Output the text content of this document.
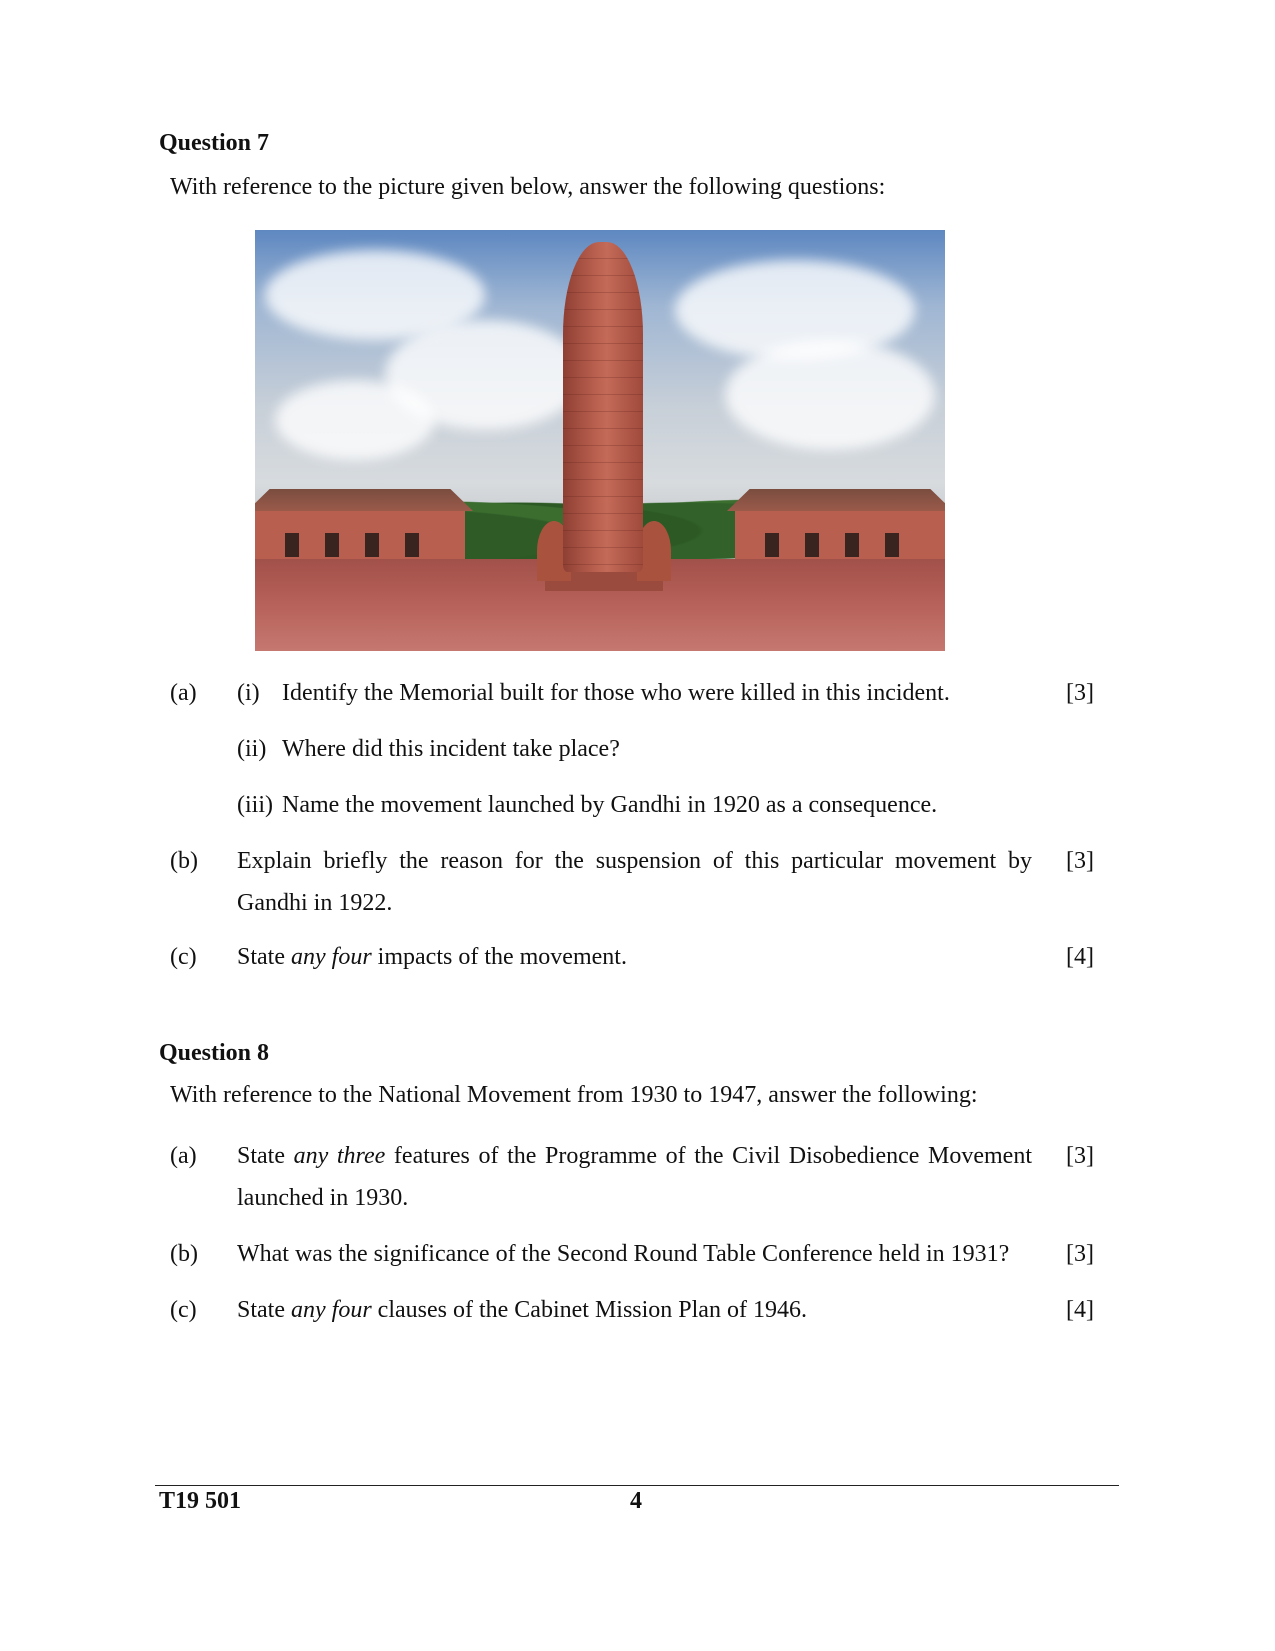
Question 7
With reference to the picture given below, answer the following questions:
(a) (i) Identify the Memorial built for those who were killed in this incident.	[3]
(ii) Where did this incident take place?
(iii) Name the movement launched by Gandhi in 1920 as a consequence.
(b) Explain briefly the reason for the suspension of this particular movement by
Gandhi in 1922.
[3]
(c) State any four impacts of the movement.	[4]
Question 8
With reference to the National Movement from 1930 to 1947, answer the following:
(a) State any three features of the Programme of the Civil Disobedience Movement
launched in 1930.
[3]
(b) What was the significance of the Second Round Table Conference held in 1931?	[3]
(c) State any four clauses of the Cabinet Mission Plan of 1946.	[4]
T19 501	4
